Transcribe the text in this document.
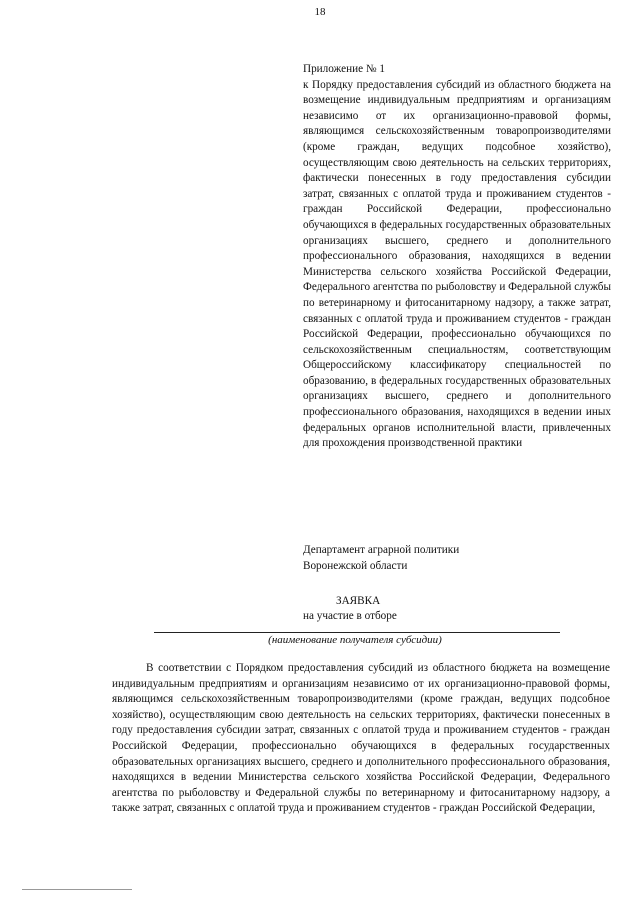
18
Приложение № 1
к Порядку предоставления субсидий из областного бюджета на возмещение индивидуальным предприятиям и организациям независимо от их организационно-правовой формы, являющимся сельскохозяйственным товаропроизводителями (кроме граждан, ведущих подсобное хозяйство), осуществляющим свою деятельность на сельских территориях, фактически понесенных в году предоставления субсидии затрат, связанных с оплатой труда и проживанием студентов - граждан Российской Федерации, профессионально обучающихся в федеральных государственных образовательных организациях высшего, среднего и дополнительного профессионального образования, находящихся в ведении Министерства сельского хозяйства Российской Федерации, Федерального агентства по рыболовству и Федеральной службы по ветеринарному и фитосанитарному надзору, а также затрат, связанных с оплатой труда и проживанием студентов - граждан Российской Федерации, профессионально обучающихся по сельскохозяйственным специальностям, соответствующим Общероссийскому классификатору специальностей по образованию, в федеральных государственных образовательных организациях высшего, среднего и дополнительного профессионального образования, находящихся в ведении иных федеральных органов исполнительной власти, привлеченных для прохождения производственной практики
Департамент аграрной политики
Воронежской области
ЗАЯВКА
на участие в отборе
(наименование получателя субсидии)
В соответствии с Порядком предоставления субсидий из областного бюджета на возмещение индивидуальным предприятиям и организациям независимо от их организационно-правовой формы, являющимся сельскохозяйственным товаропроизводителями (кроме граждан, ведущих подсобное хозяйство), осуществляющим свою деятельность на сельских территориях, фактически понесенных в году предоставления субсидии затрат, связанных с оплатой труда и проживанием студентов - граждан Российской Федерации, профессионально обучающихся в федеральных государственных образовательных организациях высшего, среднего и дополнительного профессионального образования, находящихся в ведении Министерства сельского хозяйства Российской Федерации, Федерального агентства по рыболовству и Федеральной службы по ветеринарному и фитосанитарному надзору, а также затрат, связанных с оплатой труда и проживанием студентов - граждан Российской Федерации,
